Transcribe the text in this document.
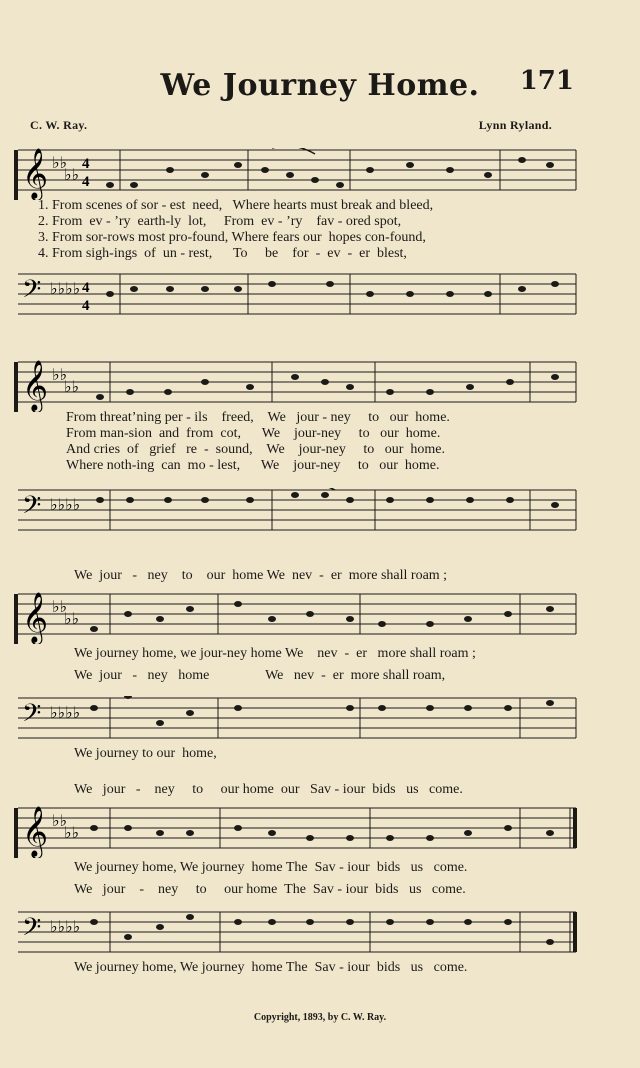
We Journey Home.	171
C. W. Ray.	Lynn Ryland.
𝄞 ♭♭
♭♭
4
4
1. From scenes of sor - est  need,   Where hearts must break and bleed,
2. From  ev - ’ry  earth-ly  lot,     From  ev - ’ry    fav - ored spot,
3. From sor-rows most pro-found, Where fears our  hopes con-found,
4. From sigh-ings  of  un - rest,      To     be    for  -  ev  -  er  blest,
𝄢 ♭♭♭♭ 4
4
𝄞 ♭♭
♭♭
From threat’ning per - ils    freed,    We   jour - ney     to   our  home.
From man-sion  and  from  cot,      We    jour-ney     to   our  home.
And cries  of   grief   re  -  sound,    We    jour-ney     to   our  home.
Where noth-ing  can  mo - lest,      We    jour-ney     to   our  home.
𝄢 ♭♭♭♭
We  jour   -   ney    to    our  home We  nev  -  er  more shall roam ;
𝄞 ♭♭
♭♭
We journey home, we jour-ney home We    nev  -  er   more shall roam ;
We  jour   -   ney   home                We   nev  -  er  more shall roam,
𝄢 ♭♭♭♭
We journey to our  home,
We   jour   -    ney     to     our home  our   Sav - iour  bids   us   come.
𝄞 ♭♭
♭♭
We journey home, We journey  home The  Sav - iour  bids   us   come.
We   jour    -    ney     to     our home  The  Sav - iour  bids   us   come.
𝄢 ♭♭♭♭
We journey home, We journey  home The  Sav - iour  bids   us   come.
Copyright, 1893, by C. W. Ray.
